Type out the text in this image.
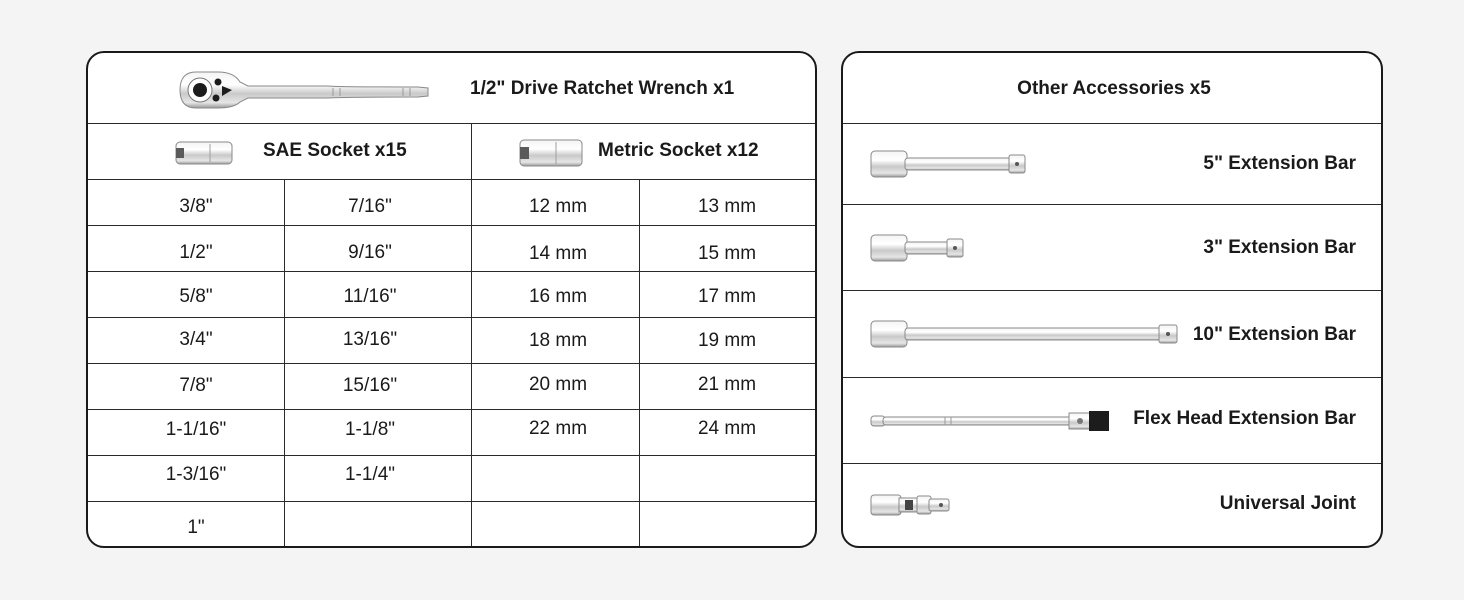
1/2" Drive Ratchet Wrench x1
SAE Socket x15	Metric Socket x12
3/8"
1/2"
5/8"
3/4"
7/8"
1-1/16"
1-3/16"
1"
7/16"
9/16"
11/16"
13/16"
15/16"
1-1/8"
1-1/4"
12 mm
14 mm
16 mm
18 mm
20 mm
22 mm
13 mm
15 mm
17 mm
19 mm
21 mm
24 mm
Other Accessories x5
5" Extension Bar
3" Extension Bar
10" Extension Bar
Flex Head Extension Bar
Universal Joint
